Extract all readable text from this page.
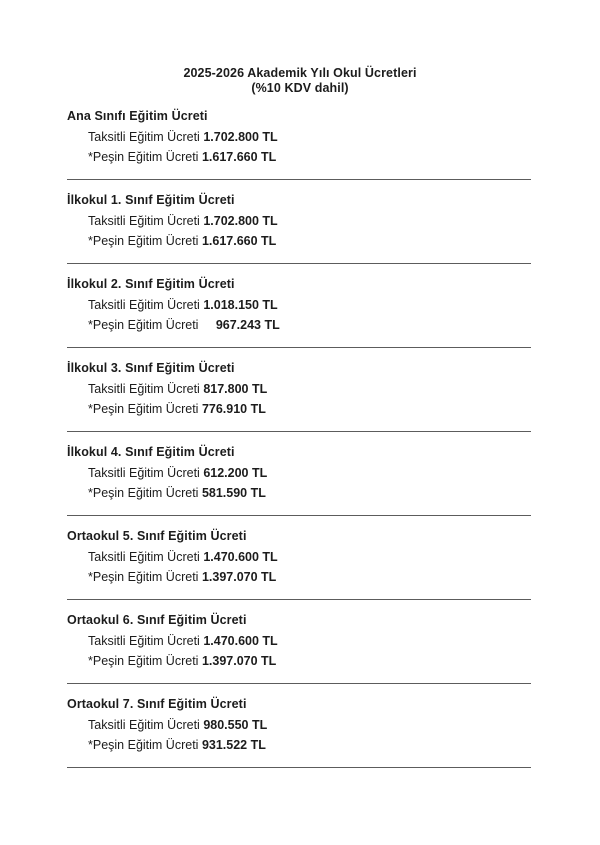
2025-2026 Akademik Yılı Okul Ücretleri
(%10 KDV dahil)
Ana Sınıfı Eğitim Ücreti
Taksitli Eğitim Ücreti 1.702.800 TL
*Peşin Eğitim Ücreti 1.617.660 TL
İlkokul 1. Sınıf Eğitim Ücreti
Taksitli Eğitim Ücreti 1.702.800 TL
*Peşin Eğitim Ücreti 1.617.660 TL
İlkokul 2. Sınıf Eğitim Ücreti
Taksitli Eğitim Ücreti 1.018.150 TL
*Peşin Eğitim Ücreti     967.243 TL
İlkokul 3. Sınıf Eğitim Ücreti
Taksitli Eğitim Ücreti 817.800 TL
*Peşin Eğitim Ücreti 776.910 TL
İlkokul 4. Sınıf Eğitim Ücreti
Taksitli Eğitim Ücreti 612.200 TL
*Peşin Eğitim Ücreti 581.590 TL
Ortaokul 5. Sınıf Eğitim Ücreti
Taksitli Eğitim Ücreti 1.470.600 TL
*Peşin Eğitim Ücreti 1.397.070 TL
Ortaokul 6. Sınıf Eğitim Ücreti
Taksitli Eğitim Ücreti 1.470.600 TL
*Peşin Eğitim Ücreti 1.397.070 TL
Ortaokul 7. Sınıf Eğitim Ücreti
Taksitli Eğitim Ücreti 980.550 TL
*Peşin Eğitim Ücreti 931.522 TL
